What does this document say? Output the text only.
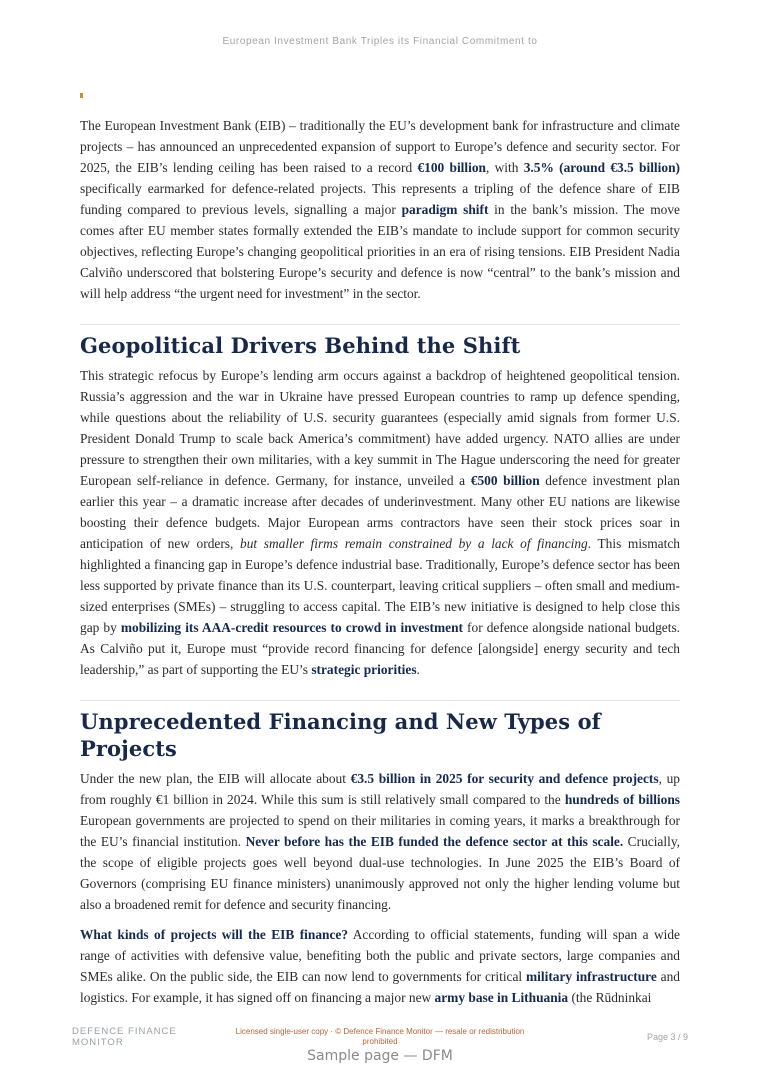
European Investment Bank Triples its Financial Commitment to

The European Investment Bank (EIB) – traditionally the EU’s development bank for infrastructure and climate projects – has announced an unprecedented expansion of support to Europe’s defence and security sector. For 2025, the EIB’s lending ceiling has been raised to a record €100 billion, with 3.5% (around €3.5 billion) specifically earmarked for defence-related projects. This represents a tripling of the defence share of EIB funding compared to previous levels, signalling a major paradigm shift in the bank’s mission. The move comes after EU member states formally extended the EIB’s mandate to include support for common security objectives, reflecting Europe’s changing geopolitical priorities in an era of rising tensions. EIB President Nadia Calviño underscored that bolstering Europe’s security and defence is now “central” to the bank’s mission and will help address “the urgent need for investment” in the sector.

Geopolitical Drivers Behind the Shift

This strategic refocus by Europe’s lending arm occurs against a backdrop of heightened geopolitical tension. Russia’s aggression and the war in Ukraine have pressed European countries to ramp up defence spending, while questions about the reliability of U.S. security guarantees (especially amid signals from former U.S. President Donald Trump to scale back America’s commitment) have added urgency. NATO allies are under pressure to strengthen their own militaries, with a key summit in The Hague underscoring the need for greater European self-reliance in defence. Germany, for instance, unveiled a €500 billion defence investment plan earlier this year – a dramatic increase after decades of underinvestment. Many other EU nations are likewise boosting their defence budgets. Major European arms contractors have seen their stock prices soar in anticipation of new orders, but smaller firms remain constrained by a lack of financing. This mismatch highlighted a financing gap in Europe’s defence industrial base. Traditionally, Europe’s defence sector has been less supported by private finance than its U.S. counterpart, leaving critical suppliers – often small and medium-sized enterprises (SMEs) – struggling to access capital. The EIB’s new initiative is designed to help close this gap by mobilizing its AAA-credit resources to crowd in investment for defence alongside national budgets. As Calviño put it, Europe must “provide record financing for defence [alongside] energy security and tech leadership,” as part of supporting the EU’s strategic priorities.

Unprecedented Financing and New Types of Projects

Under the new plan, the EIB will allocate about €3.5 billion in 2025 for security and defence projects, up from roughly €1 billion in 2024. While this sum is still relatively small compared to the hundreds of billions European governments are projected to spend on their militaries in coming years, it marks a breakthrough for the EU’s financial institution. Never before has the EIB funded the defence sector at this scale. Crucially, the scope of eligible projects goes well beyond dual-use technologies. In June 2025 the EIB’s Board of Governors (comprising EU finance ministers) unanimously approved not only the higher lending volume but also a broadened remit for defence and security financing.

What kinds of projects will the EIB finance? According to official statements, funding will span a wide range of activities with defensive value, benefiting both the public and private sectors, large companies and SMEs alike. On the public side, the EIB can now lend to governments for critical military infrastructure and logistics. For example, it has signed off on financing a major new army base in Lithuania (the Rūdninkai

DEFENCE FINANCE MONITOR
Licensed single-user copy · © Defence Finance Monitor — resale or redistribution prohibited	Page 3 / 9
Sample page — DFM
